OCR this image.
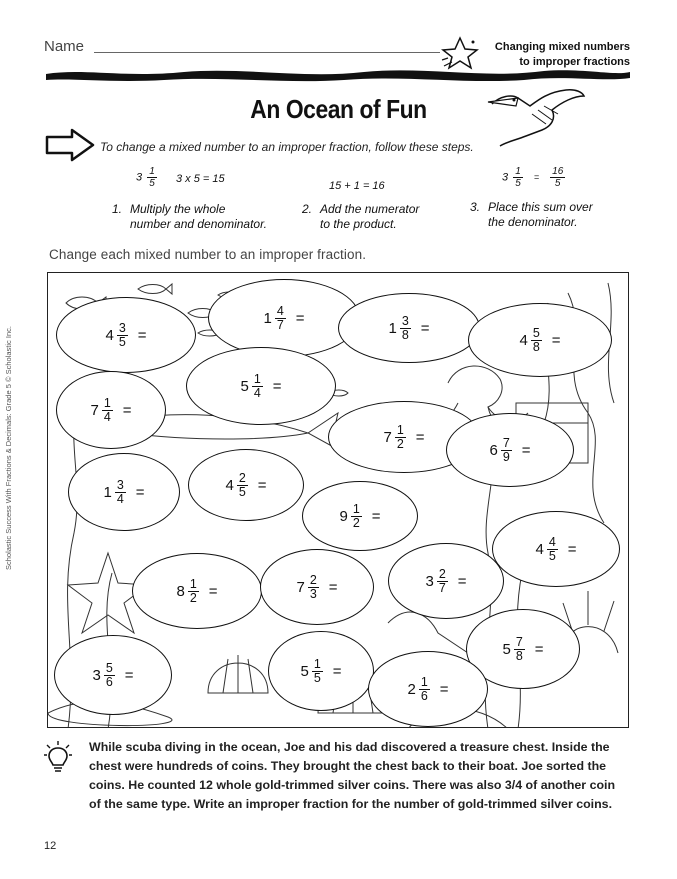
Name	Changing mixed numbers
to improper fractions
An Ocean of Fun
To change a mixed number to an improper fraction, follow these steps.
$3 \frac{1}{5} 3$ x 5 = 15
15 + 1 = 16
$3 \frac{1}{5} = \frac{16}{5}$
1. Multiply the whole
number and denominator.
2. Add the numerator
to the product.
3. Place this sum over
the denominator.
Change each mixed number to an improper fraction.
$4 \frac{3}{5}$ =
$1 \frac{4}{7}$ =
$1 \frac{3}{8}$ =
$4 \frac{5}{8}$ =
$5 \frac{1}{4}$ =
$7 \frac{1}{4}$ =
$7 \frac{1}{2}$ =
$6 \frac{7}{9}$ =
$1 \frac{3}{4}$ =	$4 \frac{2}{5}$ =
$9 \frac{1}{2}$ =
$4 \frac{4}{5}$ =
$8 \frac{1}{2}$ =	$7 \frac{2}{3}$ =	$3 \frac{2}{7}$ =
$5 \frac{7}{8}$ =
$3 \frac{5}{6}$ =	$5 \frac{1}{5}$ =
$2 \frac{1}{6}$ =
While scuba diving in the ocean, Joe and his dad discovered a treasure chest. Inside the chest were hundreds of coins. They brought the chest back to their boat. Joe sorted the coins. He counted 12 whole gold-trimmed silver coins. There was also 3/4 of another coin of the same type. Write an improper fraction for the number of gold-trimmed silver coins.
12
Scholastic Success With Fractions & Decimals: Grade 5 © Scholastic Inc.
